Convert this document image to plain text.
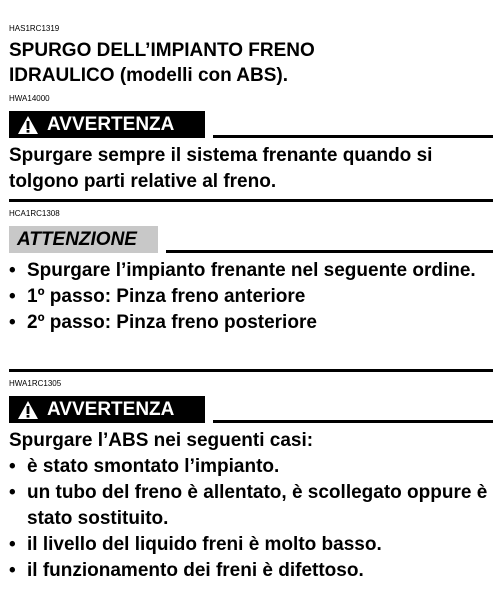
HAS1RC1319
SPURGO DELL’IMPIANTO FRENO
IDRAULICO (modelli con ABS).
HWA14000
AVVERTENZA
Spurgare sempre il sistema frenante quando si tolgono parti relative al freno.
HCA1RC1308
ATTENZIONE
• Spurgare l’impianto frenante nel seguente ordine.
• 1º passo: Pinza freno anteriore
• 2º passo: Pinza freno posteriore
HWA1RC1305
AVVERTENZA
Spurgare l’ABS nei seguenti casi:
• è stato smontato l’impianto.
• un tubo del freno è allentato, è scollegato oppure è stato sostituito.
• il livello del liquido freni è molto basso.
• il funzionamento dei freni è difettoso.
